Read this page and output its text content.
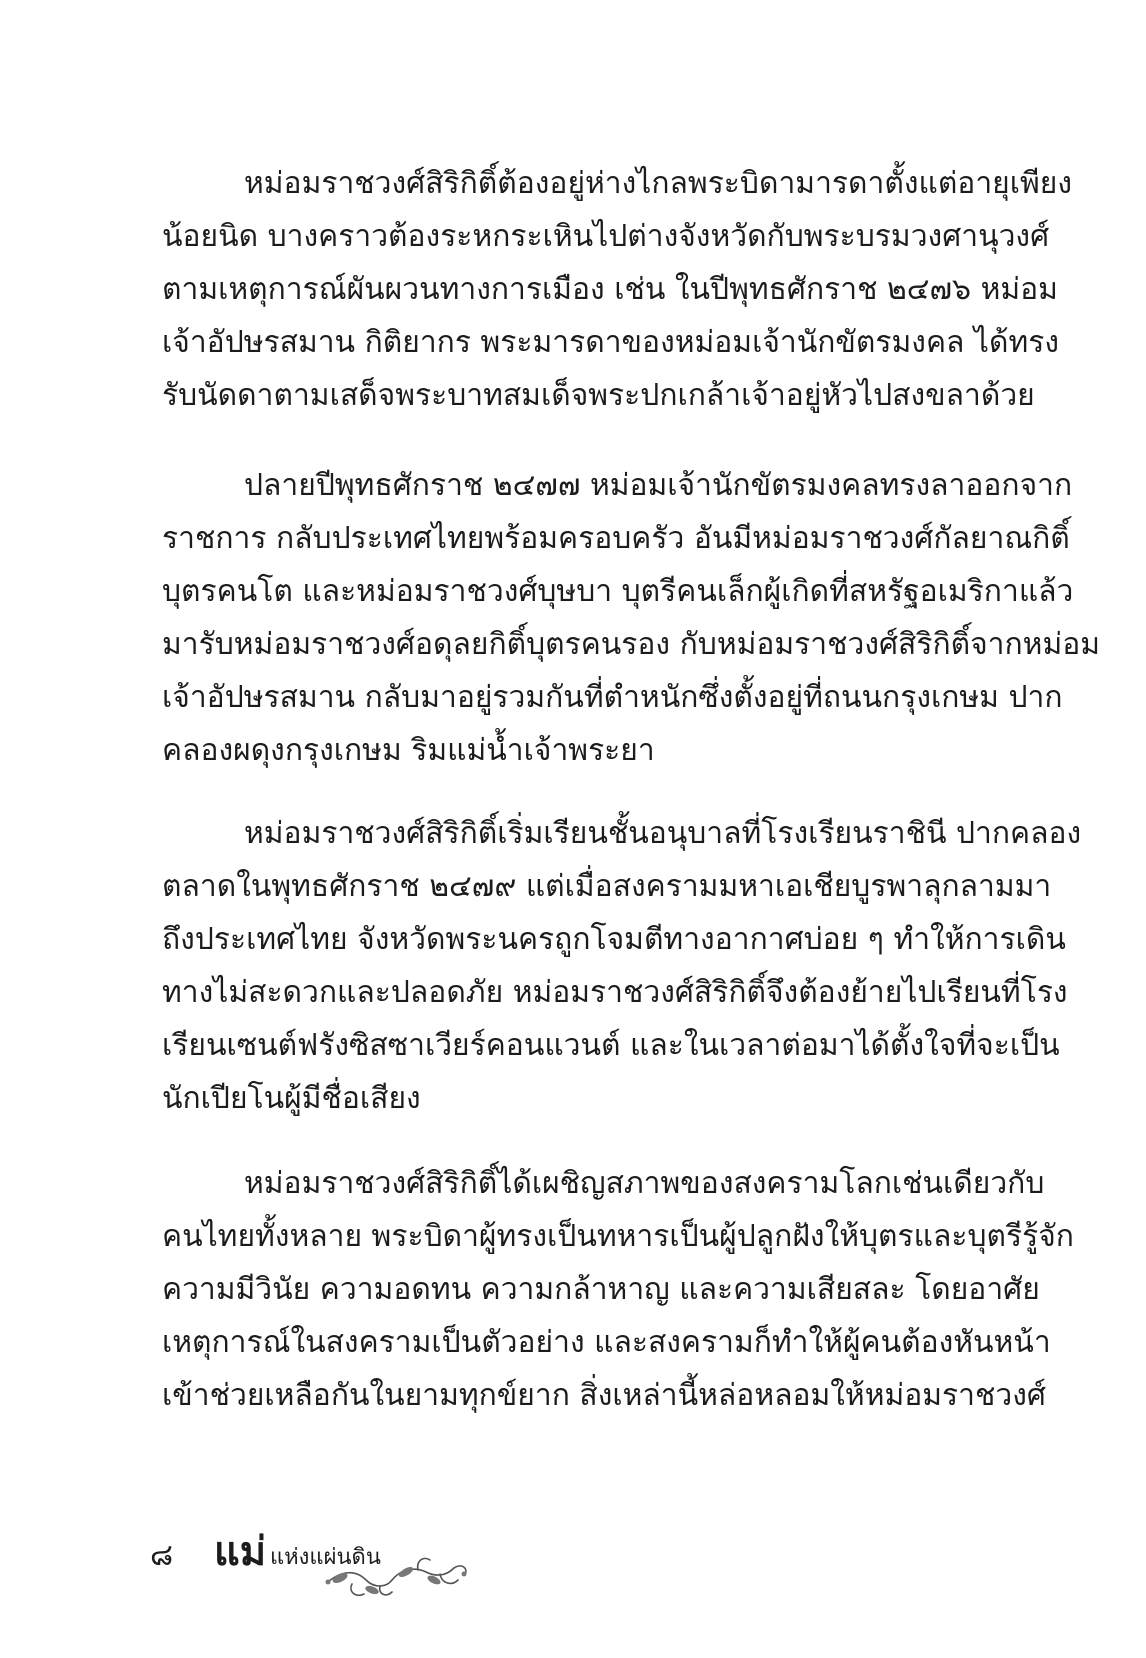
หม่อมราชวงศ์สิริกิติ์ต้องอยู่ห่างไกลพระบิดามารดาตั้งแต่อายุเพียง
น้อยนิด บางคราวต้องระหกระเหินไปต่างจังหวัดกับพระบรมวงศานุวงศ์
ตามเหตุการณ์ผันผวนทางการเมือง เช่น ในปีพุทธศักราช ๒๔๗๖ หม่อม
เจ้าอัปษรสมาน กิติยากร พระมารดาของหม่อมเจ้านักขัตรมงคล ได้ทรง
รับนัดดาตามเสด็จพระบาทสมเด็จพระปกเกล้าเจ้าอยู่หัวไปสงขลาด้วย
ปลายปีพุทธศักราช ๒๔๗๗ หม่อมเจ้านักขัตรมงคลทรงลาออกจาก
ราชการ กลับประเทศไทยพร้อมครอบครัว อันมีหม่อมราชวงศ์กัลยาณกิติ์
บุตรคนโต และหม่อมราชวงศ์บุษบา บุตรีคนเล็กผู้เกิดที่สหรัฐอเมริกาแล้ว
มารับหม่อมราชวงศ์อดุลยกิติ์บุตรคนรอง กับหม่อมราชวงศ์สิริกิติ์จากหม่อม
เจ้าอัปษรสมาน กลับมาอยู่รวมกันที่ตำหนักซึ่งตั้งอยู่ที่ถนนกรุงเกษม ปาก
คลองผดุงกรุงเกษม ริมแม่น้ำเจ้าพระยา
หม่อมราชวงศ์สิริกิติ์เริ่มเรียนชั้นอนุบาลที่โรงเรียนราชินี ปากคลอง
ตลาดในพุทธศักราช ๒๔๗๙ แต่เมื่อสงครามมหาเอเชียบูรพาลุกลามมา
ถึงประเทศไทย จังหวัดพระนครถูกโจมตีทางอากาศบ่อย ๆ ทำให้การเดิน
ทางไม่สะดวกและปลอดภัย หม่อมราชวงศ์สิริกิติ์จึงต้องย้ายไปเรียนที่โรง
เรียนเซนต์ฟรังซิสซาเวียร์คอนแวนต์ และในเวลาต่อมาได้ตั้งใจที่จะเป็น
นักเปียโนผู้มีชื่อเสียง
หม่อมราชวงศ์สิริกิติ์ได้เผชิญสภาพของสงครามโลกเช่นเดียวกับ
คนไทยทั้งหลาย พระบิดาผู้ทรงเป็นทหารเป็นผู้ปลูกฝังให้บุตรและบุตรีรู้จัก
ความมีวินัย ความอดทน ความกล้าหาญ และความเสียสละ โดยอาศัย
เหตุการณ์ในสงครามเป็นตัวอย่าง และสงครามก็ทำให้ผู้คนต้องหันหน้า
เข้าช่วยเหลือกันในยามทุกข์ยาก สิ่งเหล่านี้หล่อหลอมให้หม่อมราชวงศ์
๘ แม่ แห่งแผ่นดิน
